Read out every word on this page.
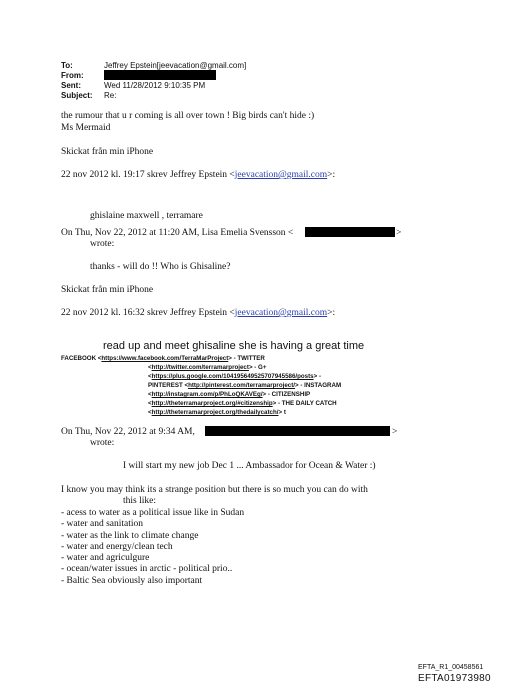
To:	Jeffrey Epstein[jeevacation@gmail.com]
From:
Sent:	Wed 11/28/2012 9:10:35 PM
Subject: Re:
the rumour that u r coming is all over town ! Big birds can't hide :)
Ms Mermaid
Skickat från min iPhone
22 nov 2012 kl. 19:17 skrev Jeffrey Epstein <jeevacation@gmail.com>:
ghislaine maxwell , terramare
On Thu, Nov 22, 2012 at 11:20 AM, Lisa Emelia Svensson <	>
wrote:
thanks - will do !! Who is Ghisaline?
Skickat från min iPhone
22 nov 2012 kl. 16:32 skrev Jeffrey Epstein <jeevacation@gmail.com>:
read up and meet ghisaline she is having a great time
FACEBOOK <https://www.facebook.com/TerraMarProject> - TWITTER
<http://twitter.com/terramarproject> - G+
<https://plus.google.com/104195649525707945586/posts> -
PINTEREST <http://pinterest.com/terramarproject/> - INSTAGRAM
<http://instagram.com/p/PhLoQKAVEg/> - CITIZENSHIP
<http://theterramarproject.org/#citizenship> - THE DAILY CATCH
<http://theterramarproject.org/thedailycatch/> t
On Thu, Nov 22, 2012 at 9:34 AM,	>
wrote:
I will start my new job Dec 1 ... Ambassador for Ocean & Water :)
I know you may think its a strange position but there is so much you can do with
this like:
- acess to water as a political issue like in Sudan
- water and sanitation
- water as the link to climate change
- water and energy/clean tech
- water and agriculgure
- ocean/water issues in arctic - political prio..
- Baltic Sea obviously also important
EFTA_R1_00458561
EFTA01973980
